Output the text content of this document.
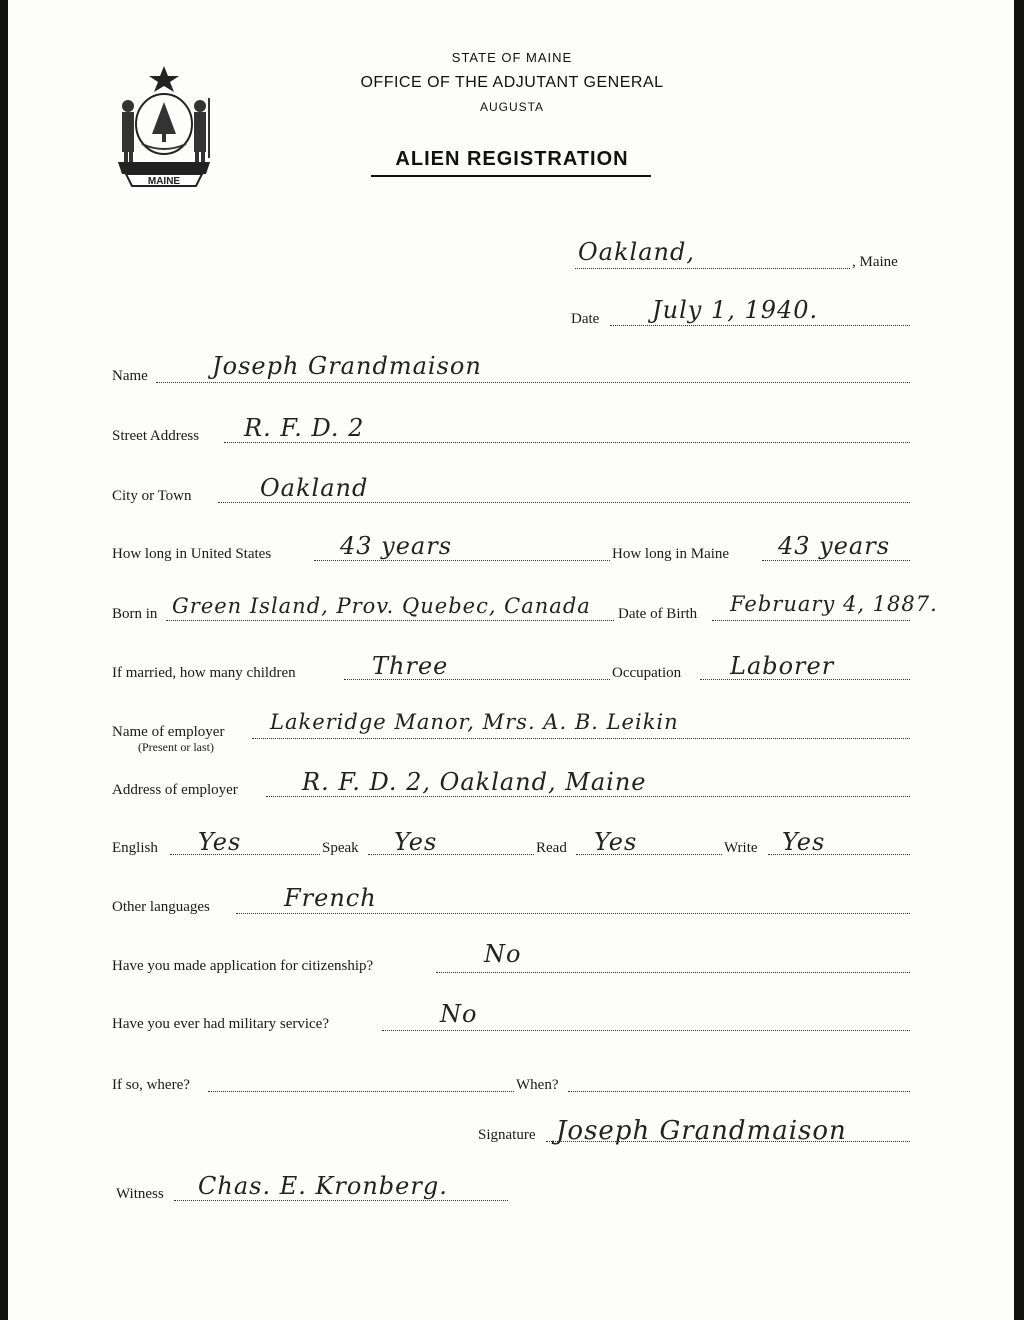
MAINE
STATE OF MAINE
OFFICE OF THE ADJUTANT GENERAL
AUGUSTA
ALIEN REGISTRATION
Oakland,	, Maine
Date July 1, 1940.
Name	Joseph Grandmaison
Street Address R. F. D. 2
City or Town	Oakland
How long in United States	43 years	How long in Maine 43 years
Born in Green Island, Prov. Quebec, Canada Date of Birth February 4, 1887.
If married, how many children	Three	Occupation Laborer
Name of employer
(Present or last)
Lakeridge Manor, Mrs. A. B. Leikin
Address of employer	R. F. D. 2, Oakland, Maine
English Yes	Speak Yes	Read Yes	Write Yes
Other languages	French
Have you made application for citizenship?	No
Have you ever had military service?	No
If so, where?	When?
Signature Joseph Grandmaison
Witness Chas. E. Kronberg.
